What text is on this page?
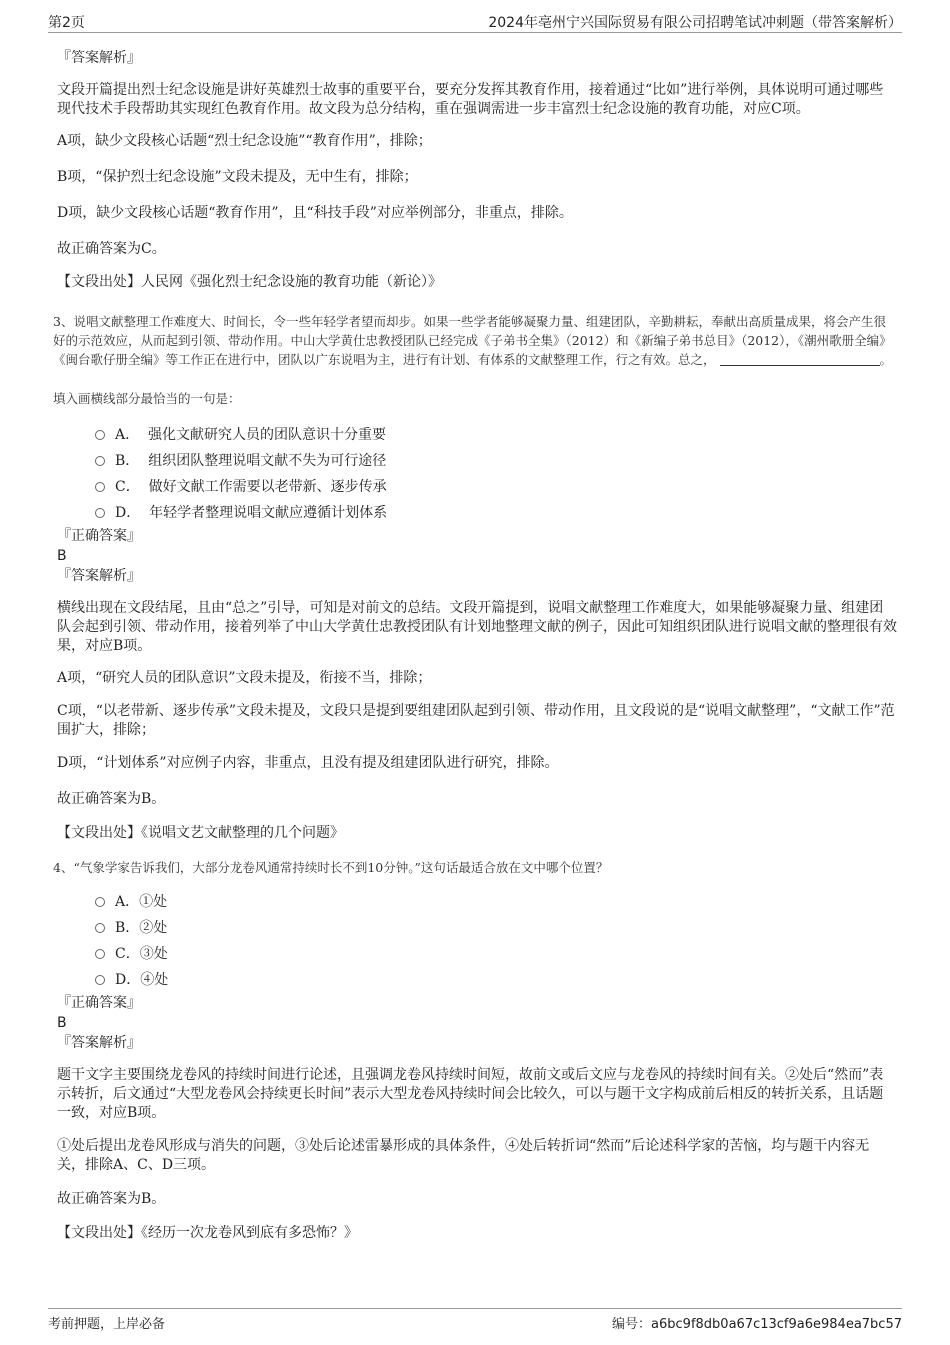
第2页	2024年亳州宁兴国际贸易有限公司招聘笔试冲刺题（带答案解析）

『答案解析』

文段开篇提出烈士纪念设施是讲好英雄烈士故事的重要平台，要充分发挥其教育作用，接着通过“比如”进行举例，具体说明可通过哪些现代技术手段帮助其实现红色教育作用。故文段为总分结构，重在强调需进一步丰富烈士纪念设施的教育功能，对应C项。

A项，缺少文段核心话题“烈士纪念设施”“教育作用”，排除；

B项，“保护烈士纪念设施”文段未提及，无中生有，排除；

D项，缺少文段核心话题“教育作用”，且“科技手段”对应举例部分，非重点，排除。

故正确答案为C。

【文段出处】人民网《强化烈士纪念设施的教育功能（新论）》

3、说唱文献整理工作难度大、时间长，令一些年轻学者望而却步。如果一些学者能够凝聚力量、组建团队，辛勤耕耘，奉献出高质量成果，将会产生很好的示范效应，从而起到引领、带动作用。中山大学黄仕忠教授团队已经完成《子弟书全集》（2012）和《新编子弟书总目》（2012），《潮州歌册全编》《闽台歌仔册全编》等工作正在进行中，团队以广东说唱为主，进行有计划、有体系的文献整理工作，行之有效。总之，	。

填入画横线部分最恰当的一句是：

A． 强化文献研究人员的团队意识十分重要
B． 组织团队整理说唱文献不失为可行途径
C． 做好文献工作需要以老带新、逐步传承
D． 年轻学者整理说唱文献应遵循计划体系

『正确答案』

B

『答案解析』

横线出现在文段结尾，且由“总之”引导，可知是对前文的总结。文段开篇提到，说唱文献整理工作难度大，如果能够凝聚力量、组建团队会起到引领、带动作用，接着列举了中山大学黄仕忠教授团队有计划地整理文献的例子，因此可知组织团队进行说唱文献的整理很有效果，对应B项。

A项，“研究人员的团队意识”文段未提及，衔接不当，排除；

C项，“以老带新、逐步传承”文段未提及，文段只是提到要组建团队起到引领、带动作用，且文段说的是“说唱文献整理”，“文献工作”范围扩大，排除；

D项，“计划体系”对应例子内容，非重点，且没有提及组建团队进行研究，排除。

故正确答案为B。

【文段出处】《说唱文艺文献整理的几个问题》

4、“气象学家告诉我们，大部分龙卷风通常持续时长不到10分钟。”这句话最适合放在文中哪个位置？

A．①处
B．②处
C．③处
D．④处

『正确答案』

B

『答案解析』

题干文字主要围绕龙卷风的持续时间进行论述，且强调龙卷风持续时间短，故前文或后文应与龙卷风的持续时间有关。②处后“然而”表示转折，后文通过“大型龙卷风会持续更长时间”表示大型龙卷风持续时间会比较久，可以与题干文字构成前后相反的转折关系，且话题一致，对应B项。

①处后提出龙卷风形成与消失的问题，③处后论述雷暴形成的具体条件，④处后转折词“然而”后论述科学家的苦恼，均与题干内容无关，排除A、C、D三项。

故正确答案为B。

【文段出处】《经历一次龙卷风到底有多恐怖？》

考前押题，上岸必备	编号：a6bc9f8db0a67c13cf9a6e984ea7bc57
